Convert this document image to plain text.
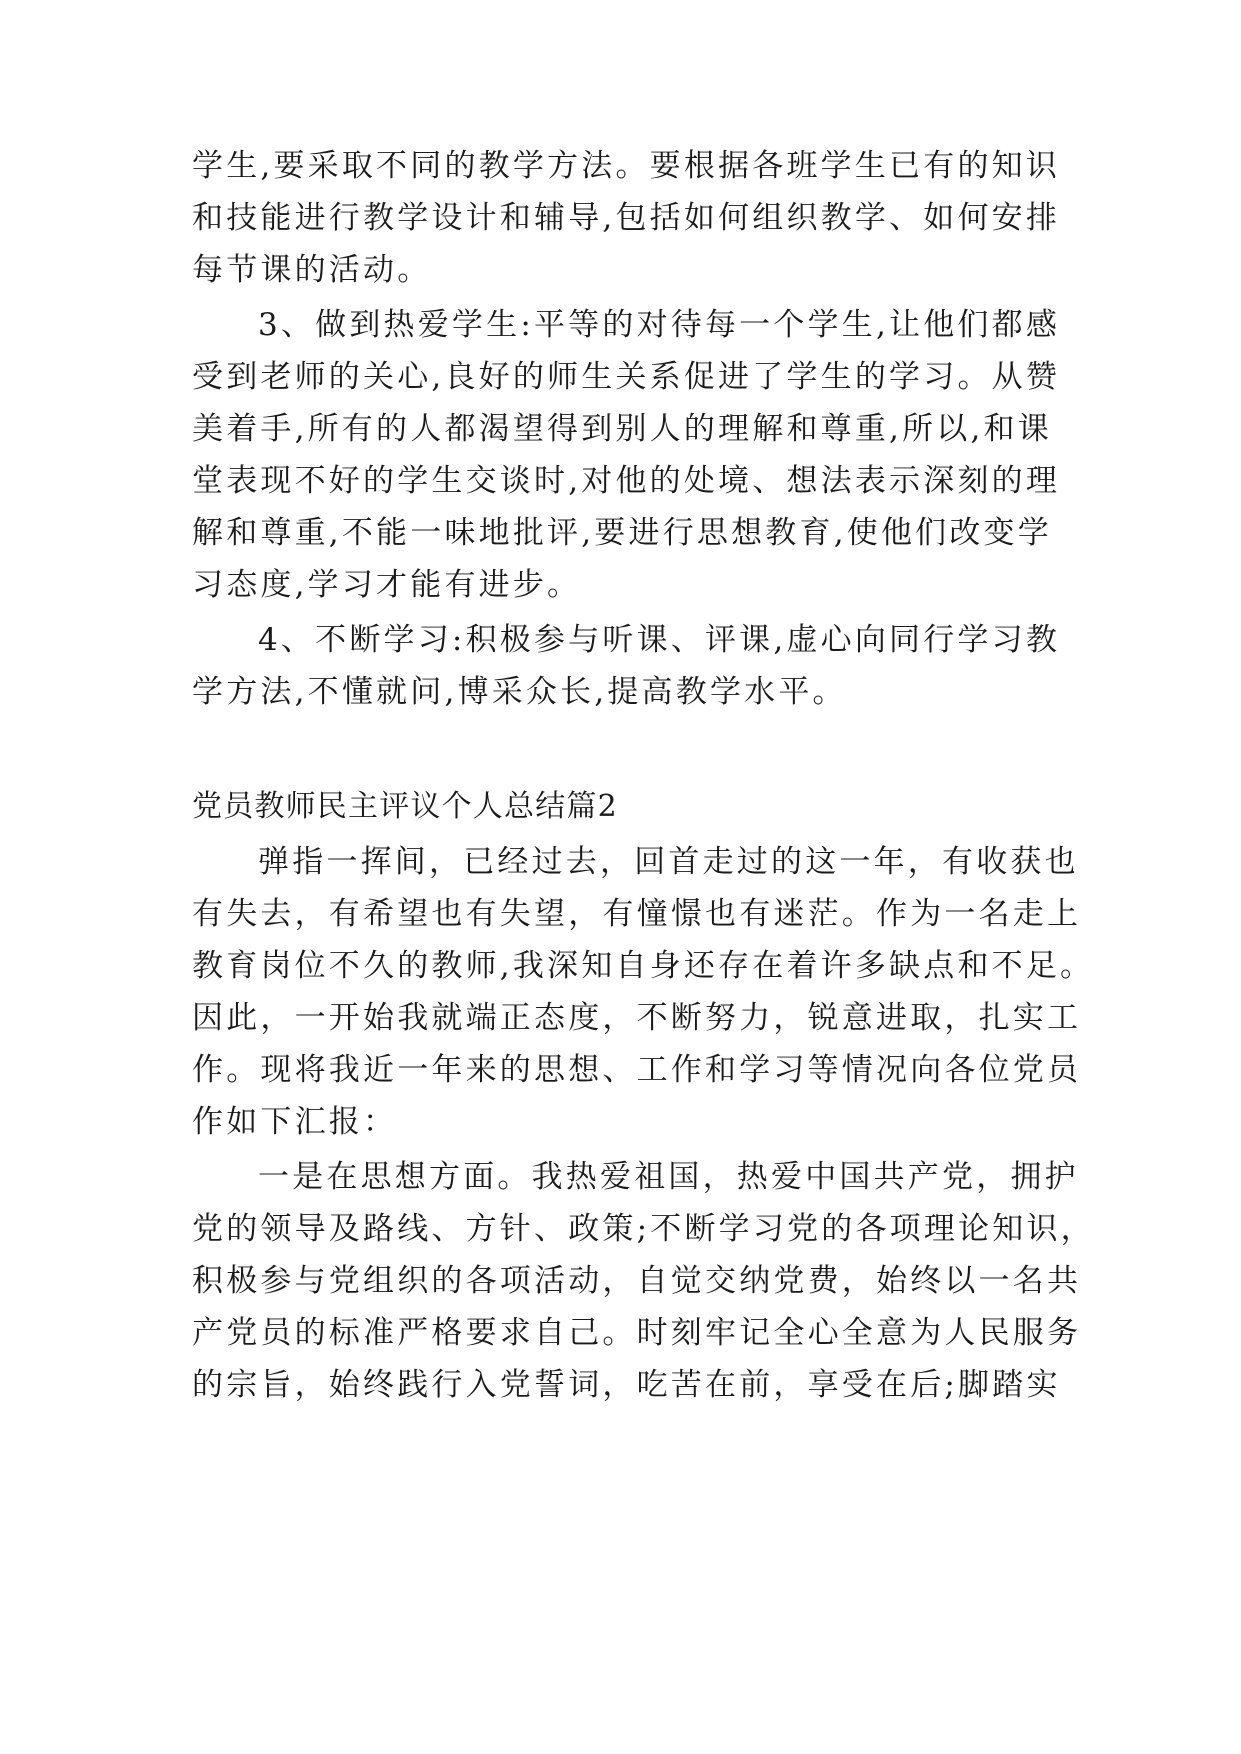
学生,要采取不同的教学方法。要根据各班学生已有的知识
和技能进行教学设计和辅导,包括如何组织教学、如何安排
每节课的活动。
3、做到热爱学生:平等的对待每一个学生,让他们都感
受到老师的关心,良好的师生关系促进了学生的学习。从赞
美着手,所有的人都渴望得到别人的理解和尊重,所以,和课
堂表现不好的学生交谈时,对他的处境、想法表示深刻的理
解和尊重,不能一味地批评,要进行思想教育,使他们改变学
习态度,学习才能有进步。
4、不断学习:积极参与听课、评课,虚心向同行学习教
学方法,不懂就问,博采众长,提高教学水平。
党员教师民主评议个人总结篇2
弹指一挥间，已经过去，回首走过的这一年，有收获也
有失去，有希望也有失望，有憧憬也有迷茫。作为一名走上
教育岗位不久的教师,我深知自身还存在着许多缺点和不足。
因此，一开始我就端正态度，不断努力，锐意进取，扎实工
作。现将我近一年来的思想、工作和学习等情况向各位党员
作如下汇报：
一是在思想方面。我热爱祖国，热爱中国共产党，拥护
党的领导及路线、方针、政策;不断学习党的各项理论知识，
积极参与党组织的各项活动，自觉交纳党费，始终以一名共
产党员的标准严格要求自己。时刻牢记全心全意为人民服务
的宗旨，始终践行入党誓词，吃苦在前，享受在后;脚踏实
